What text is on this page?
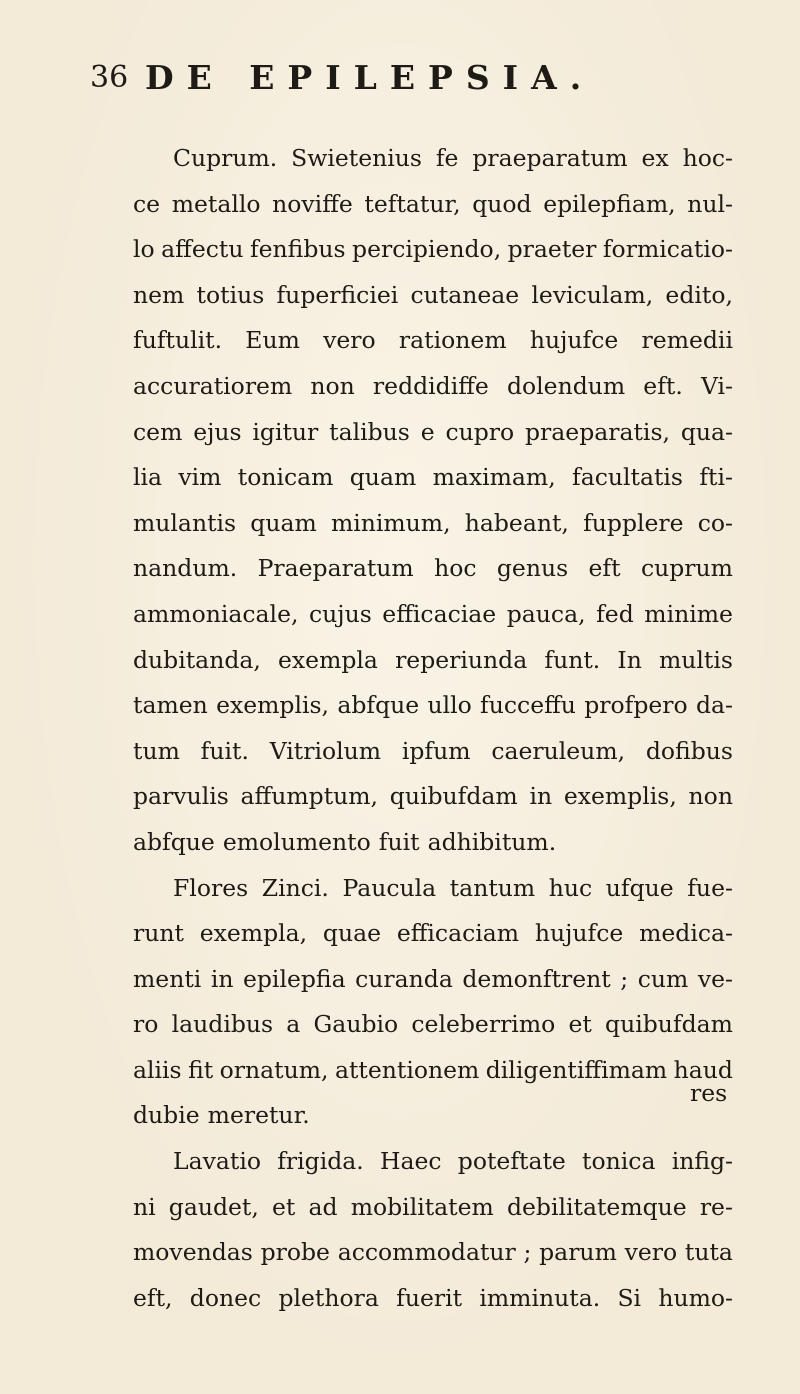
36 DE EPILEPSIA.
Cuprum. Swietenius fe praeparatum ex hoc-
ce metallo noviffe teftatur, quod epilepfiam, nul-
lo affectu fenfibus percipiendo, praeter formicatio-
nem totius fuperficiei cutaneae leviculam, edito,
fuftulit. Eum vero rationem hujufce remedii
accuratiorem non reddidiffe dolendum eft. Vi-
cem ejus igitur talibus e cupro praeparatis, qua-
lia vim tonicam quam maximam, facultatis fti-
mulantis quam minimum, habeant, fupplere co-
nandum. Praeparatum hoc genus eft cuprum
ammoniacale, cujus efficaciae pauca, fed minime
dubitanda, exempla reperiunda funt. In multis
tamen exemplis, abfque ullo fucceffu profpero da-
tum fuit. Vitriolum ipfum caeruleum, dofibus
parvulis affumptum, quibufdam in exemplis, non
abfque emolumento fuit adhibitum.
Flores Zinci. Paucula tantum huc ufque fue-
runt exempla, quae efficaciam hujufce medica-
menti in epilepfia curanda demonftrent ; cum ve-
ro laudibus a Gaubio celeberrimo et quibufdam
aliis fit ornatum, attentionem diligentiffimam haud
dubie meretur.
Lavatio frigida. Haec poteftate tonica infig-
ni gaudet, et ad mobilitatem debilitatemque re-
movendas probe accommodatur ; parum vero tuta
eft, donec plethora fuerit imminuta. Si humo-
res
